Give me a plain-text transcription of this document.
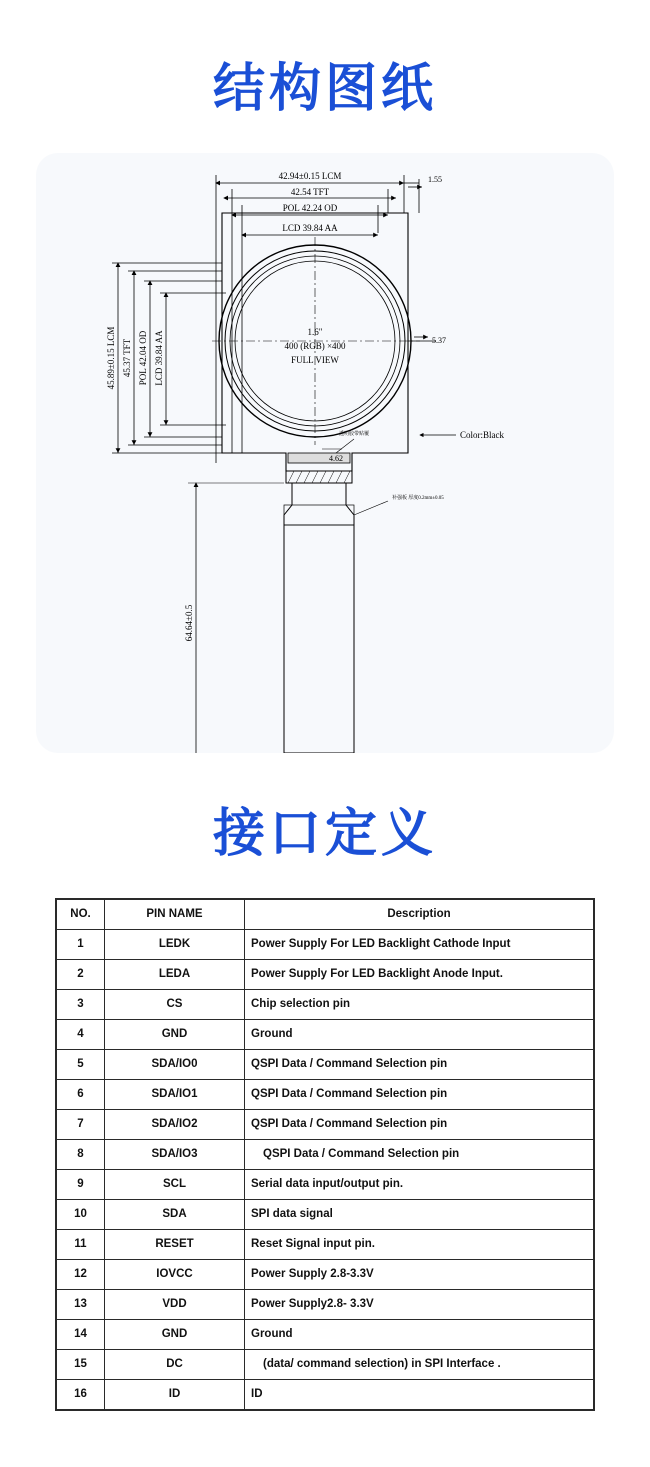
结构图纸
42.94±0.15 LCM
42.54 TFT
POL 42.24 OD
LCD 39.84 AA
1.55
45.89±0.15 LCM 45.37 TFT POL 42.04 OD LCD 39.84 AA	5.37
4.62
64.64±0.5
1.6"
400 (RGB) ×400
FULL VIEW
Color:Black
透明胶带贴覆
补强板 厚度0.2mm±0.05
接口定义
NO.	PIN NAME	Description
1	LEDK	Power Supply For LED Backlight Cathode Input
2	LEDA	Power Supply For LED Backlight Anode Input.
3	CS	Chip selection pin
4	GND	Ground
5	SDA/IO0	QSPI Data / Command Selection pin
6	SDA/IO1	QSPI Data / Command Selection pin
7	SDA/IO2	QSPI Data / Command Selection pin
8	SDA/IO3	QSPI Data / Command Selection pin
9	SCL	Serial data input/output pin.
10	SDA	SPI data signal
11	RESET	Reset Signal input pin.
12	IOVCC	Power Supply 2.8-3.3V
13	VDD	Power Supply2.8- 3.3V
14	GND	Ground
15	DC	(data/ command selection) in SPI Interface .
16	ID	ID
